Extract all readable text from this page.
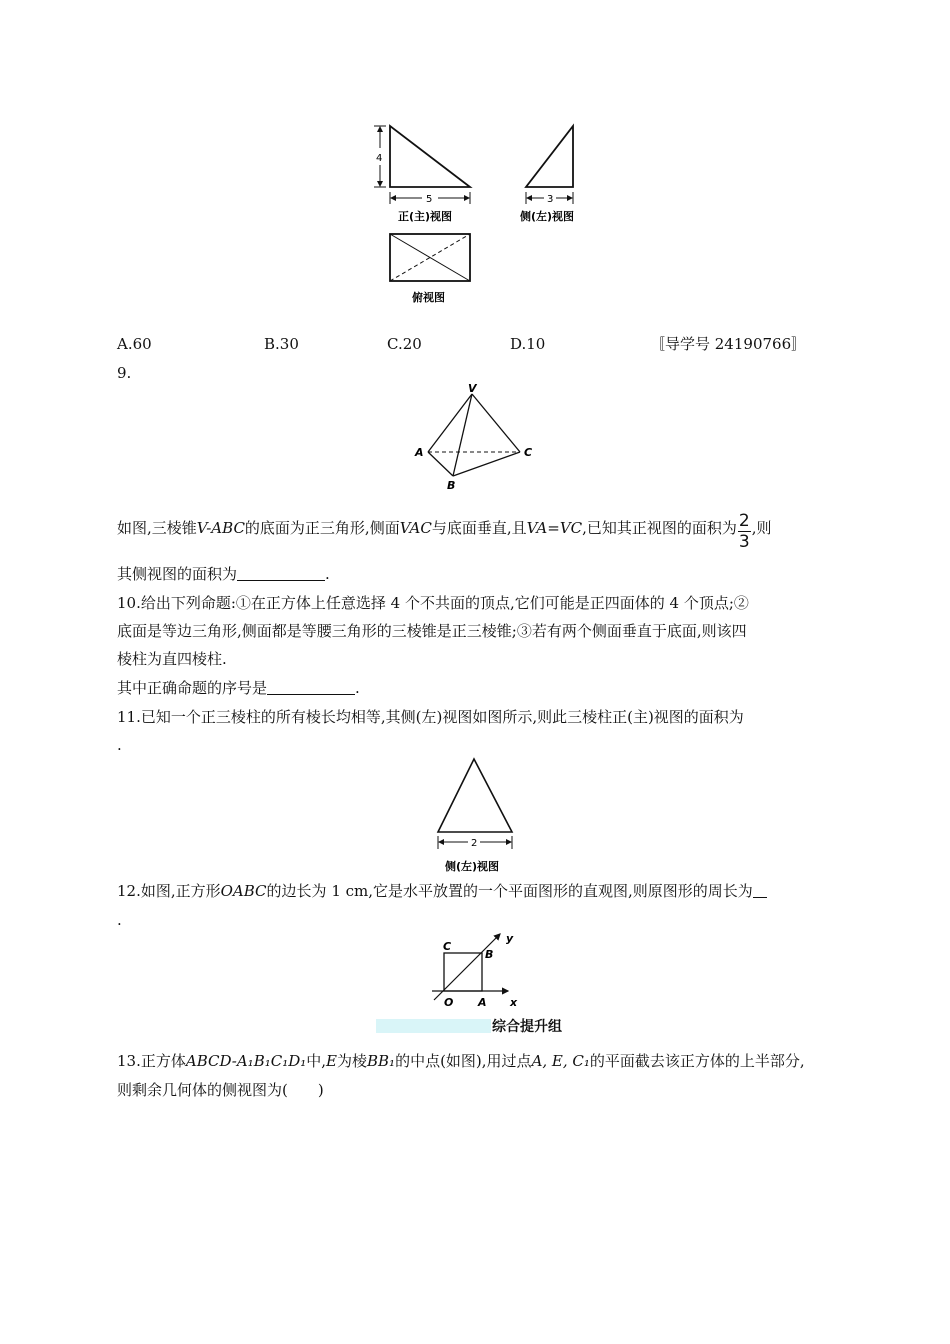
4
5
正(主)视图
3
侧(左)视图
俯视图
A.60	B.30	C.20	D.10	〚导学号 24190766〛
9.
V
A
B
C
如图,三棱锥V-ABC的底面为正三角形,侧面VAC与底面垂直,且VA=VC,已知其正视图的面积为 $\frac{2}{3}$ ,则
其侧视图的面积为	.
10.给出下列命题:①在正方体上任意选择 4 个不共面的顶点,它们可能是正四面体的 4 个顶点;②
底面是等边三角形,侧面都是等腰三角形的三棱锥是正三棱锥;③若有两个侧面垂直于底面,则该四
棱柱为直四棱柱.
其中正确命题的序号是	.
11.已知一个正三棱柱的所有棱长均相等,其侧(左)视图如图所示,则此三棱柱正(主)视图的面积为
.
2
侧(左)视图
12.如图,正方形OABC的边长为 1 cm,它是水平放置的一个平面图形的直观图,则原图形的周长为
.
C
B
O A x
y
综合提升组
13.正方体ABCD-A₁B₁C₁D₁中,E为棱BB₁的中点(如图),用过点A, E, C₁的平面截去该正方体的上半部分,
则剩余几何体的侧视图为(　　)
